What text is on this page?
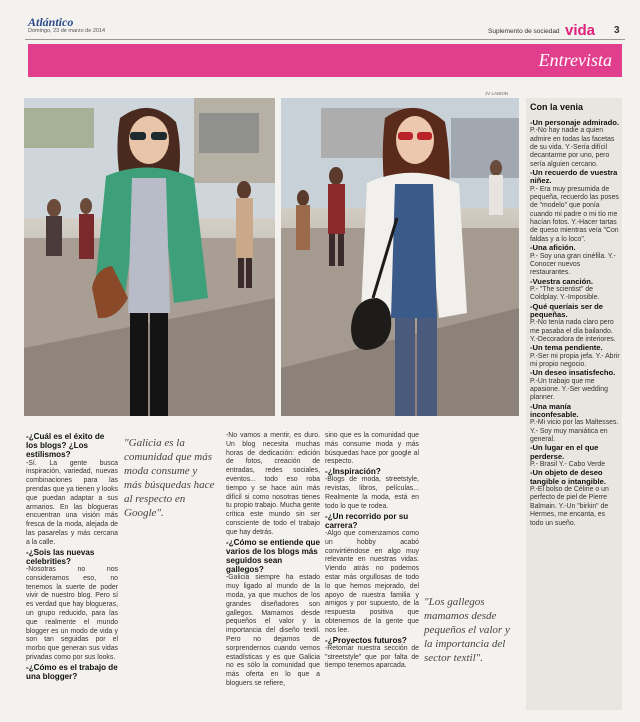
Atlántico
Domingo, 23 de marzo de 2014	Suplemento de sociedad vida 3
Entrevista
JV LANDIN
Con la venia

-Un personaje admirado.

P.-No hay nadie a quien admire en todas las facetas de su vida. Y.-Sería difícil decantarme por uno, pero sería alguien cercano.

-Un recuerdo de vuestra niñez.

P.- Era muy presumida de pequeña, recuerdo las poses de "modelo" que ponía cuando mi padre o mi tío me hacían fotos. Y.-Hacer tartas de queso mientras veía "Con faldas y a lo loco".

-Una afición.

P.- Soy una gran cinéfila. Y.- Conocer nuevos restaurantes.

-Vuestra canción.

P.- "The scientist" de Coldplay. Y.-Imposible.

-Qué queríais ser de pequeñas.

P.-No tenía nada claro pero me pasaba el día bailando. Y.-Decoradora de interiores.

-Un tema pendiente.

P.-Ser mi propia jefa. Y.- Abrir mi propio negocio.

-Un deseo insatisfecho.

P.-Un trabajo que me apasione. Y.-Ser wedding planner.

-Una manía inconfesable.

P.-Mi vicio por las Maltesses. Y.- Soy muy maniática en general.

-Un lugar en el que perderse.

P.- Brasil Y.- Cabo Verde

-Un objeto de deseo tangible o intangible.

P.-El bolso de Céline o un perfecto de piel de Pierre Balmain. Y.-Un "birkin" de Hermes, me encanta, es todo un sueño.

-¿Cuál es el éxito de los blogs? ¿Los estilismos?

-Sí. La gente busca inspiración, variedad, nuevas combinaciones para las prendas que ya tienen y looks que puedan adaptar a sus armarios. En las blogueras encuentran una visión más fresca de la moda, alejada de las pasarelas y más cercana a la calle.

-¿Sois las nuevas celebrities?

-Nosotras no nos consideramos eso, no tenemos la suerte de poder vivir de nuestro blog. Pero sí es verdad que hay blogueras, un grupo reducido, para las que realmente el mundo blogger es un modo de vida y son tan seguidas por el morbo que generan sus vidas privadas como por sus looks.

-¿Cómo es el trabajo de una blogger?

"Galicia es la comunidad que más moda consume y más búsquedas hace al respecto en Google".

-No vamos a mentir, es duro. Un blog necesita muchas horas de dedicación: edición de fotos, creación de entradas, redes sociales, eventos... todo eso roba tiempo y se hace aún más difícil si como nosotras tienes tu propio trabajo. Mucha gente crítica este mundo sin ser consciente de todo el trabajo que hay detrás.

-¿Cómo se entiende que varios de los blogs más seguidos sean gallegos?

-Galicia siempre ha estado muy ligado al mundo de la moda, ya que muchos de los grandes diseñadores son gallegos. Mamamos desde pequeños el valor y la importancia del diseño textil. Pero no dejamos de sorprendernos cuando vemos estadísticas y es que Galicia no es sólo la comunidad que más oferta en lo que a bloguers se refiere,

sino que es la comunidad que más consume moda y más búsquedas hace por google al respecto.

-¿Inspiración?

-Blogs de moda, streetstyle, revistas, libros, películas... Realmente la moda, está en todo lo que te rodea.

-¿Un recorrido por su carrera?

-Algo que comenzamos como un hobby acabó convirtiéndose en algo muy relevante en nuestras vidas. Viendo atrás no podemos estar más orgullosas de todo lo que hemos mejorado, del apoyo de nuestra familia y amigos y por supuesto, de la respuesta positiva que obtenemos de la gente que nos lee.

-¿Proyectos futuros?

-Retomar nuestra sección de "streetstyle" que por falta de tiempo tenemos aparcada.

"Los gallegos mamamos desde pequeños el valor y la importancia del sector textil".
